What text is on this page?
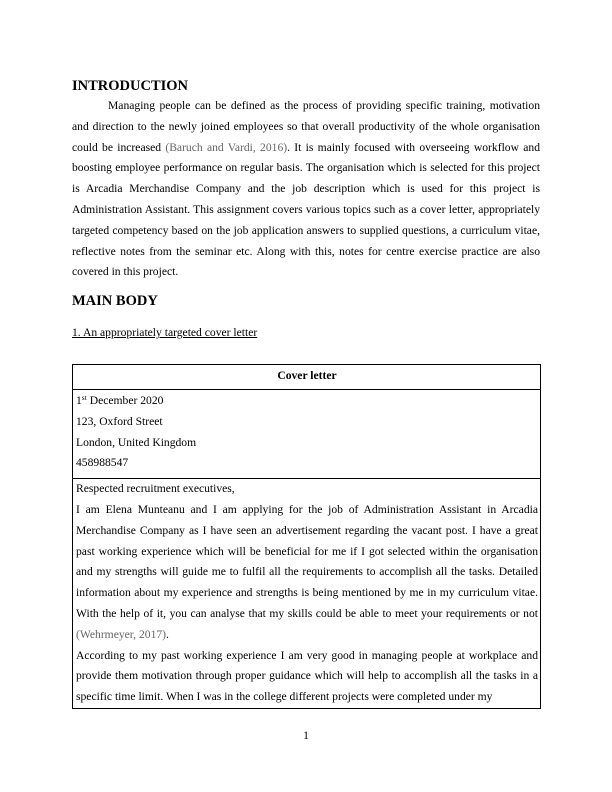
INTRODUCTION

Managing people can be defined as the process of providing specific training, motivation and direction to the newly joined employees so that overall productivity of the whole organisation could be increased (Baruch and Vardi, 2016). It is mainly focused with overseeing workflow and boosting employee performance on regular basis. The organisation which is selected for this project is Arcadia Merchandise Company and the job description which is used for this project is Administration Assistant. This assignment covers various topics such as a cover letter, appropriately targeted competency based on the job application answers to supplied questions, a curriculum vitae, reflective notes from the seminar etc. Along with this, notes for centre exercise practice are also covered in this project.

MAIN BODY

1. An appropriately targeted cover letter

Cover letter

1st December 2020
123, Oxford Street
London, United Kingdom
458988547

Respected recruitment executives,

I am Elena Munteanu and I am applying for the job of Administration Assistant in Arcadia Merchandise Company as I have seen an advertisement regarding the vacant post. I have a great past working experience which will be beneficial for me if I got selected within the organisation and my strengths will guide me to fulfil all the requirements to accomplish all the tasks. Detailed information about my experience and strengths is being mentioned by me in my curriculum vitae. With the help of it, you can analyse that my skills could be able to meet your requirements or not (Wehrmeyer, 2017).

According to my past working experience I am very good in managing people at workplace and provide them motivation through proper guidance which will help to accomplish all the tasks in a specific time limit. When I was in the college different projects were completed under my

1
